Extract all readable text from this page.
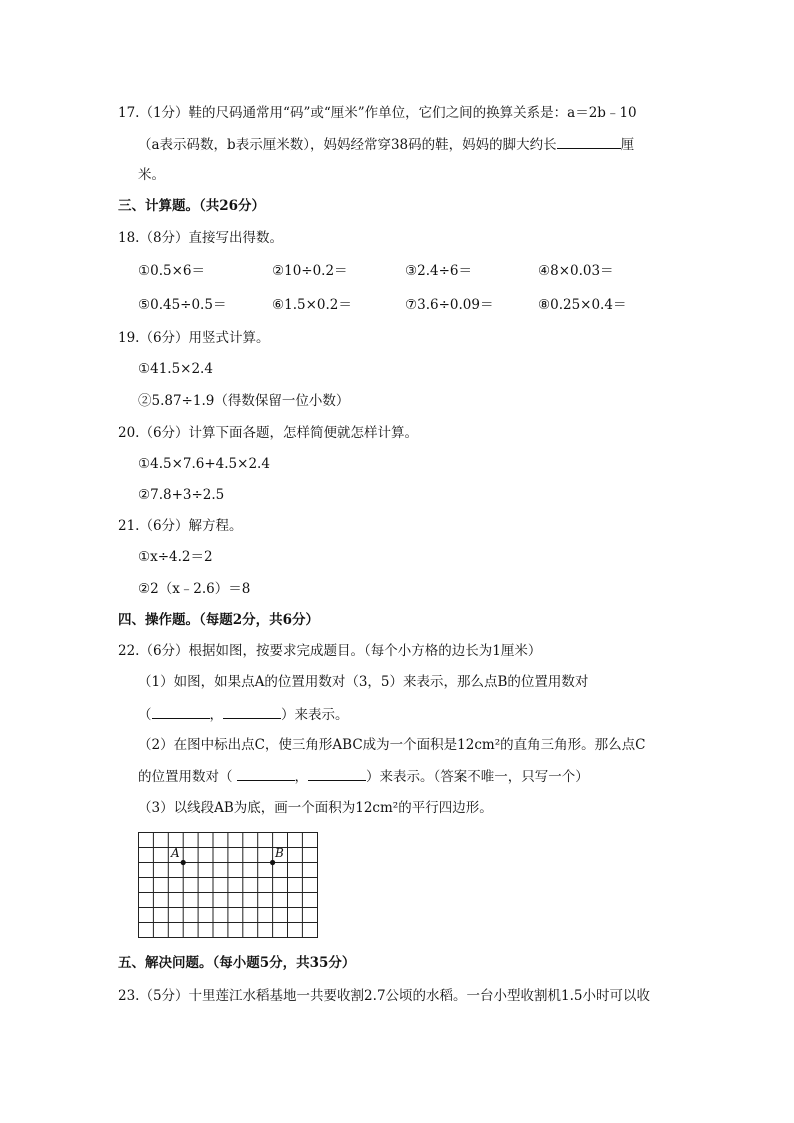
17.（1分）鞋的尺码通常用“码”或“厘米”作单位，它们之间的换算关系是：a＝2b﹣10
（a表示码数，b表示厘米数），妈妈经常穿38码的鞋，妈妈的脚大约长	厘
米。
三、计算题。（共26分）
18.（8分）直接写出得数。
①0.5×6＝	②10÷0.2＝	③2.4÷6＝	④8×0.03＝
⑤0.45÷0.5＝	⑥1.5×0.2＝	⑦3.6÷0.09＝	⑧0.25×0.4＝
19.（6分）用竖式计算。
①41.5×2.4
②5.87÷1.9（得数保留一位小数）
20.（6分）计算下面各题，怎样简便就怎样计算。
①4.5×7.6+4.5×2.4
②7.8+3÷2.5
21.（6分）解方程。
①x÷4.2＝2
②2（x﹣2.6）＝8
四、操作题。（每题2分，共6分）
22.（6分）根据如图，按要求完成题目。（每个小方格的边长为1厘米）
（1）如图，如果点A的位置用数对（3，5）来表示，那么点B的位置用数对
（	，	）来表示。
（2）在图中标出点C，使三角形ABC成为一个面积是12cm²的直角三角形。那么点C
的位置用数对（	，	）来表示。（答案不唯一，只写一个）
（3）以线段AB为底，画一个面积为12cm²的平行四边形。
A	B
五、解决问题。（每小题5分，共35分）
23.（5分）十里莲江水稻基地一共要收割2.7公顷的水稻。一台小型收割机1.5小时可以收
